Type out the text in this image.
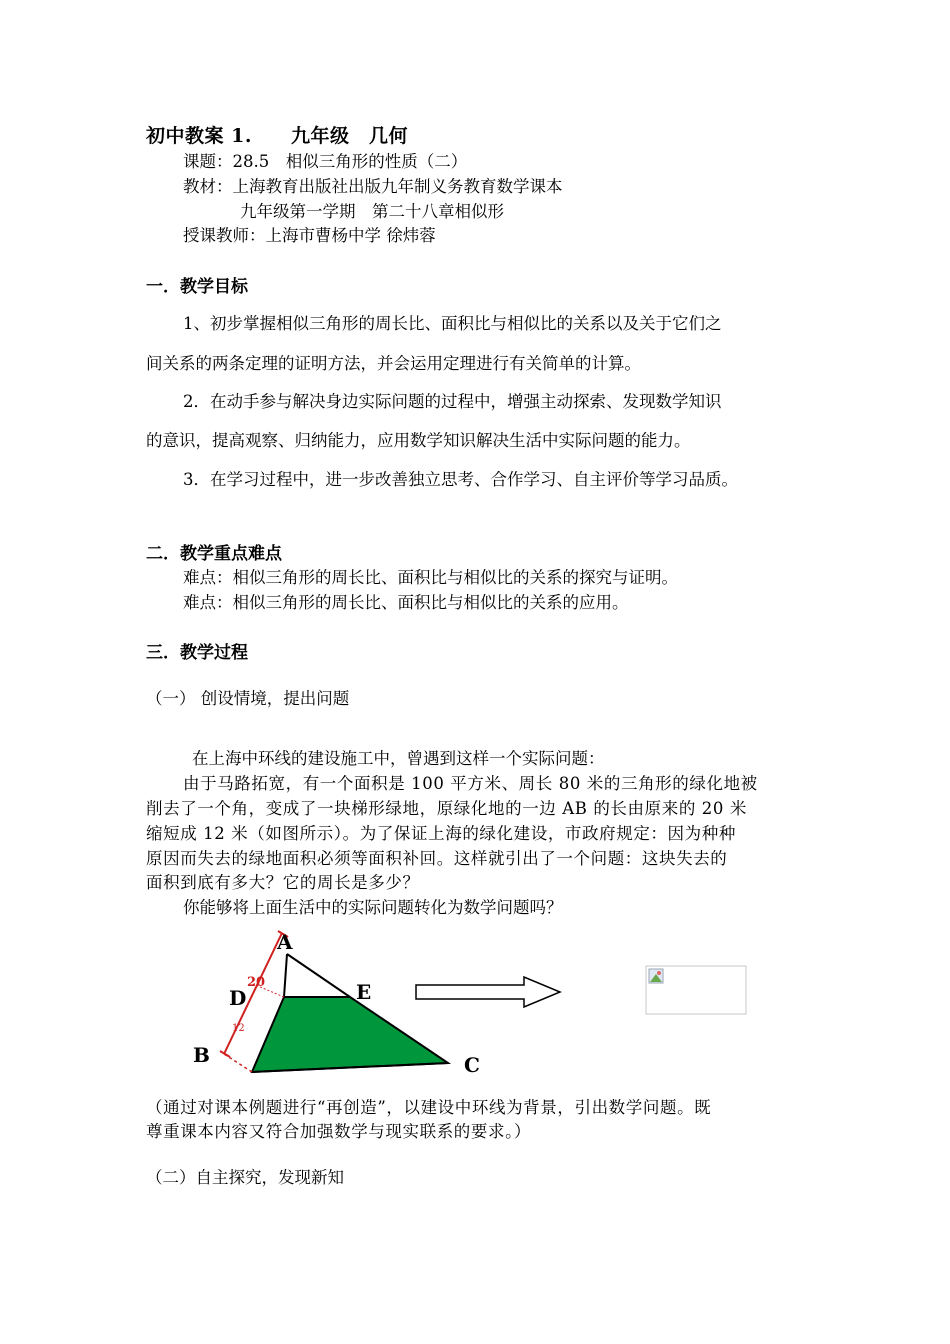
初中教案 1.　　九年级　几何
课题：28.5　相似三角形的性质（二）
教材：上海教育出版社出版九年制义务教育数学课本
九年级第一学期　第二十八章相似形
授课教师：上海市曹杨中学 徐炜蓉
一．教学目标
1、初步掌握相似三角形的周长比、面积比与相似比的关系以及关于它们之
间关系的两条定理的证明方法，并会运用定理进行有关简单的计算。
2．在动手参与解决身边实际问题的过程中，增强主动探索、发现数学知识
的意识，提高观察、归纳能力，应用数学知识解决生活中实际问题的能力。
3．在学习过程中，进一步改善独立思考、合作学习、自主评价等学习品质。
二．教学重点难点
难点：相似三角形的周长比、面积比与相似比的关系的探究与证明。
难点：相似三角形的周长比、面积比与相似比的关系的应用。
三．教学过程
（一） 创设情境，提出问题
在上海中环线的建设施工中，曾遇到这样一个实际问题：
由于马路拓宽，有一个面积是 100 平方米、周长 80 米的三角形的绿化地被
削去了一个角，变成了一块梯形绿地，原绿化地的一边 AB 的长由原来的 20 米
缩短成 12 米（如图所示）。为了保证上海的绿化建设，市政府规定：因为种种
原因而失去的绿地面积必须等面积补回。这样就引出了一个问题：这块失去的
面积到底有多大？它的周长是多少？
你能够将上面生活中的实际问题转化为数学问题吗？
20
12
A
B	C
D	E
（通过对课本例题进行“再创造”，以建设中环线为背景，引出数学问题。既
尊重课本内容又符合加强数学与现实联系的要求。）
（二）自主探究，发现新知
